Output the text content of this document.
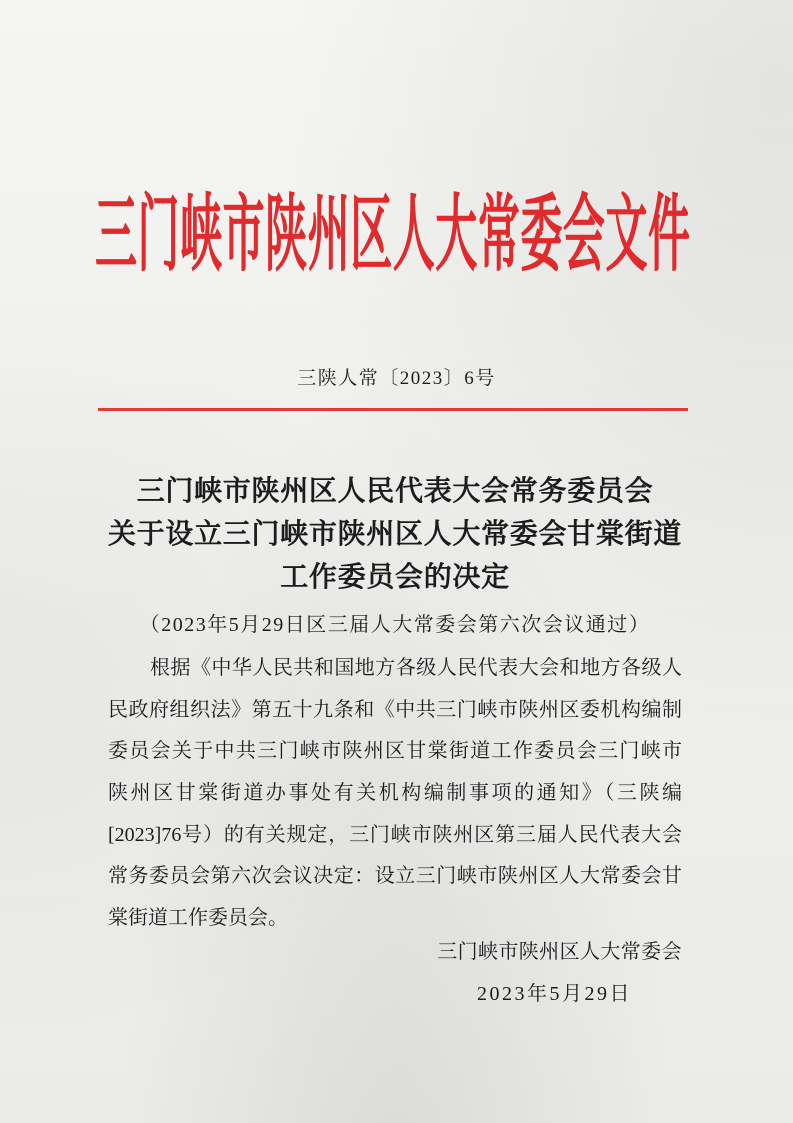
三门峡市陕州区人大常委会文件
三陕人常〔2023〕6号
三门峡市陕州区人民代表大会常务委员会
关于设立三门峡市陕州区人大常委会甘棠街道
工作委员会的决定
（2023年5月29日区三届人大常委会第六次会议通过）
根据《中华人民共和国地方各级人民代表大会和地方各级人
民政府组织法》第五十九条和《中共三门峡市陕州区委机构编制
委员会关于中共三门峡市陕州区甘棠街道工作委员会三门峡市
陕州区甘棠街道办事处有关机构编制事项的通知》（三陕编
[2023]76号）的有关规定，三门峡市陕州区第三届人民代表大会
常务委员会第六次会议决定：设立三门峡市陕州区人大常委会甘
棠街道工作委员会。
三门峡市陕州区人大常委会
2023年5月29日
